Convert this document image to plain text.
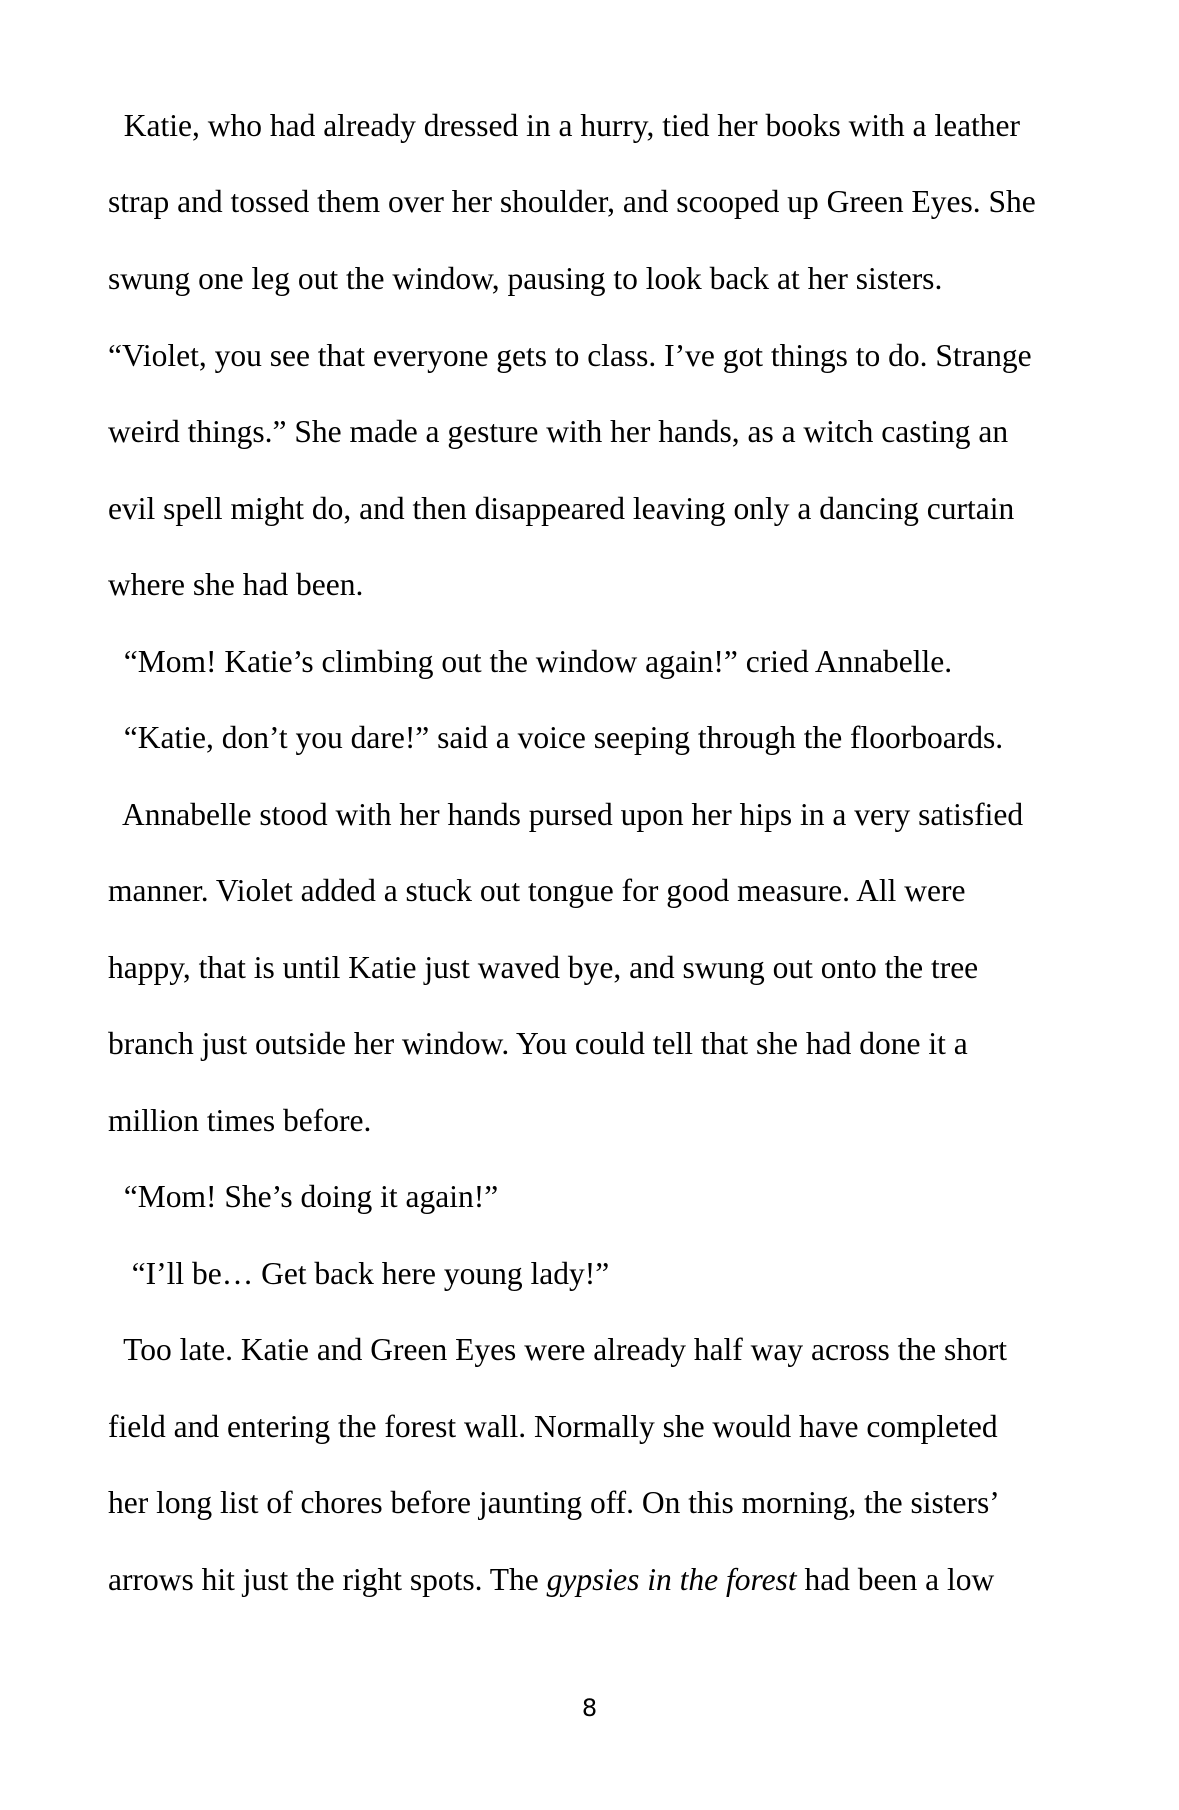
Katie, who had already dressed in a hurry, tied her books with a leather
strap and tossed them over her shoulder, and scooped up Green Eyes. She
swung one leg out the window, pausing to look back at her sisters.
“Violet, you see that everyone gets to class. I’ve got things to do. Strange
weird things.” She made a gesture with her hands, as a witch casting an
evil spell might do, and then disappeared leaving only a dancing curtain
where she had been.
“Mom! Katie’s climbing out the window again!” cried Annabelle.
“Katie, don’t you dare!” said a voice seeping through the floorboards.
Annabelle stood with her hands pursed upon her hips in a very satisfied
manner. Violet added a stuck out tongue for good measure. All were
happy, that is until Katie just waved bye, and swung out onto the tree
branch just outside her window. You could tell that she had done it a
million times before.
“Mom! She’s doing it again!”
“I’ll be… Get back here young lady!”
Too late. Katie and Green Eyes were already half way across the short
field and entering the forest wall. Normally she would have completed
her long list of chores before jaunting off. On this morning, the sisters’
arrows hit just the right spots. The gypsies in the forest had been a low
8
